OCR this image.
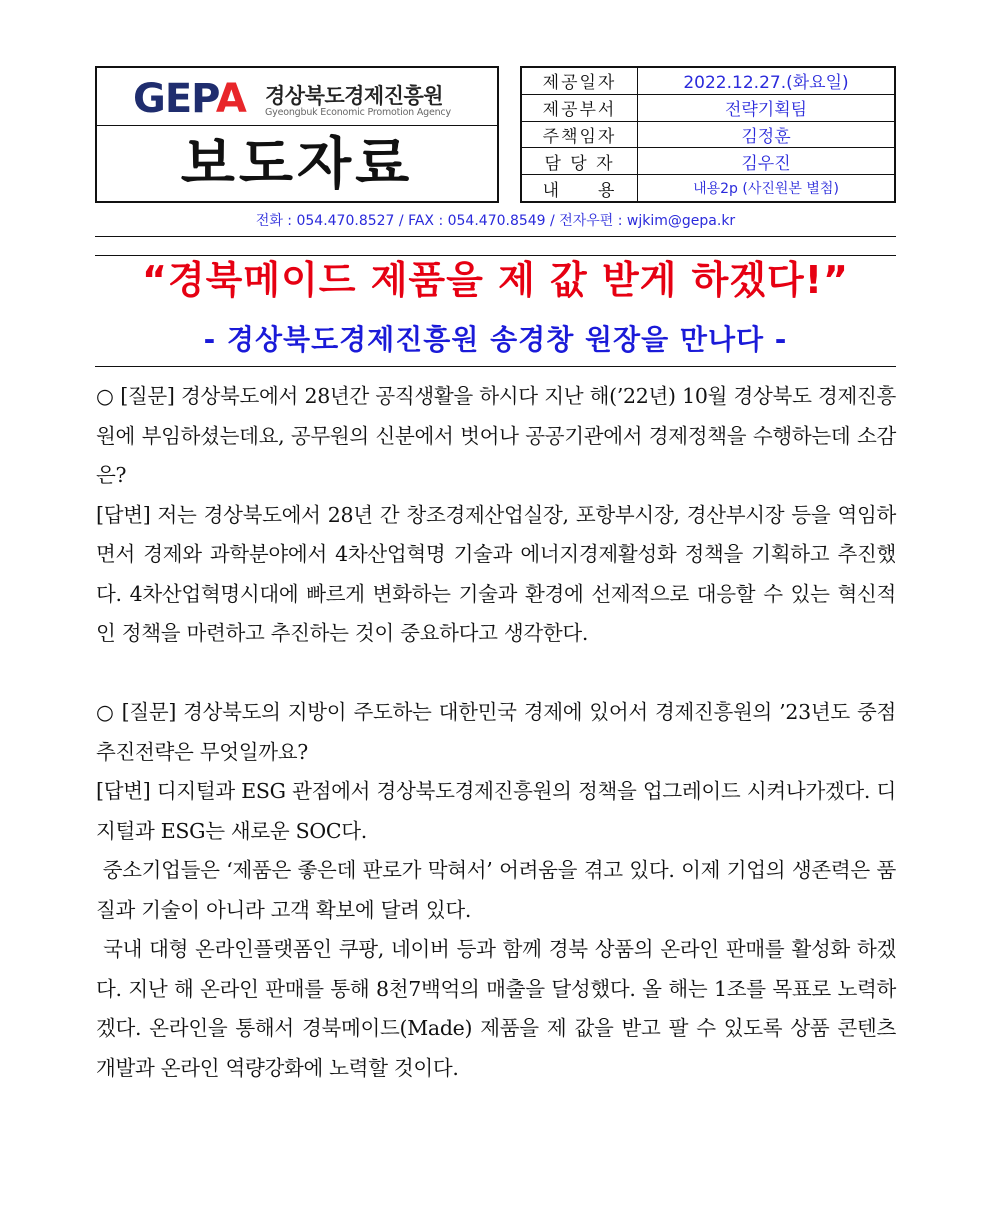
GEPA 경상북도경제진흥원
Gyeongbuk Economic Promotion Agency
보도자료
제공일자	2022.12.27.(화요일)
제공부서	전략기획팀
주책임자	김정훈
담 당 자	김우진
내     용	내용2p (사진원본 별첨)
전화 : 054.470.8527 / FAX : 054.470.8549 / 전자우편 : wjkim@gepa.kr
“경북메이드 제품을 제 값 받게 하겠다!”
- 경상북도경제진흥원 송경창 원장을 만나다 -

○ [질문] 경상북도에서 28년간 공직생활을 하시다 지난 해(’22년) 10월 경상북도 경제진흥원에 부임하셨는데요, 공무원의 신분에서 벗어나 공공기관에서 경제정책을 수행하는데 소감은?

[답변] 저는 경상북도에서 28년 간 창조경제산업실장, 포항부시장, 경산부시장 등을 역임하면서 경제와 과학분야에서 4차산업혁명 기술과 에너지경제활성화 정책을 기획하고 추진했다. 4차산업혁명시대에 빠르게 변화하는 기술과 환경에 선제적으로 대응할 수 있는 혁신적인 정책을 마련하고 추진하는 것이 중요하다고 생각한다.

○ [질문] 경상북도의 지방이 주도하는 대한민국 경제에 있어서 경제진흥원의 ’23년도 중점 추진전략은 무엇일까요?

[답변] 디지털과 ESG 관점에서 경상북도경제진흥원의 정책을 업그레이드 시켜나가겠다. 디지털과 ESG는 새로운 SOC다.

중소기업들은 ‘제품은 좋은데 판로가 막혀서’ 어려움을 겪고 있다. 이제 기업의 생존력은 품질과 기술이 아니라 고객 확보에 달려 있다.

국내 대형 온라인플랫폼인 쿠팡, 네이버 등과 함께 경북 상품의 온라인 판매를 활성화 하겠다. 지난 해 온라인 판매를 통해 8천7백억의 매출을 달성했다. 올 해는 1조를 목표로 노력하겠다. 온라인을 통해서 경북메이드(Made) 제품을 제 값을 받고 팔 수 있도록 상품 콘텐츠 개발과 온라인 역량강화에 노력할 것이다.
